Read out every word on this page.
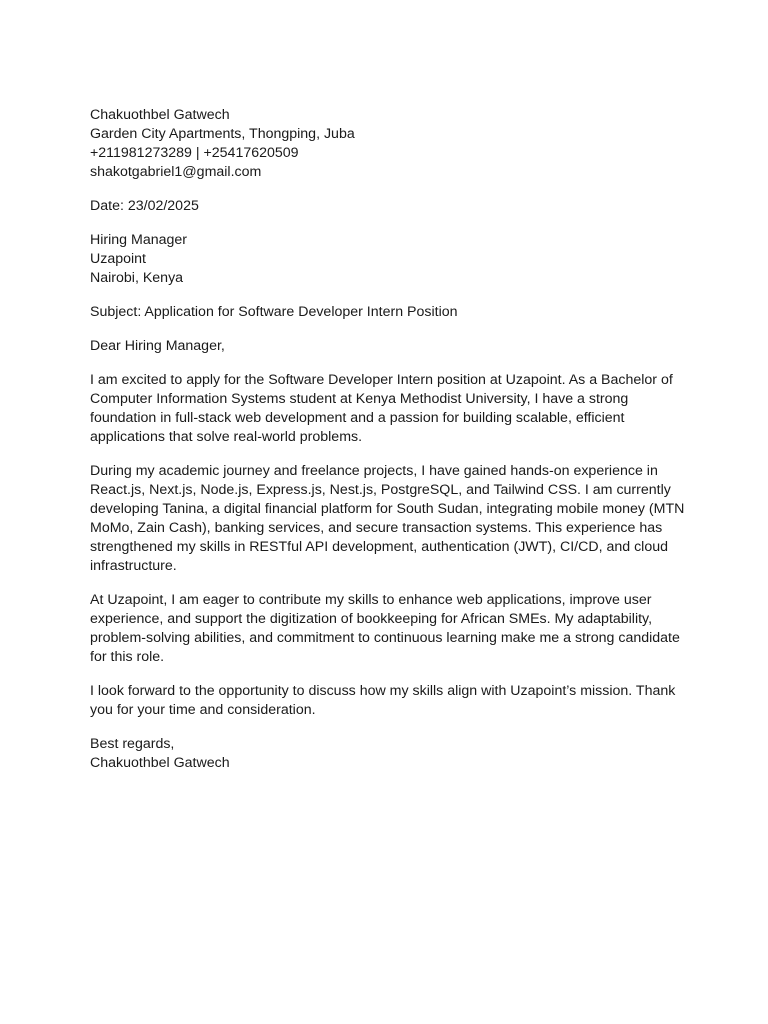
Chakuothbel Gatwech
Garden City Apartments, Thongping, Juba
+211981273289 | +25417620509
shakotgabriel1@gmail.com
Date: 23/02/2025
Hiring Manager
Uzapoint
Nairobi, Kenya
Subject: Application for Software Developer Intern Position
Dear Hiring Manager,
I am excited to apply for the Software Developer Intern position at Uzapoint. As a Bachelor of
Computer Information Systems student at Kenya Methodist University, I have a strong
foundation in full-stack web development and a passion for building scalable, efficient
applications that solve real-world problems.
During my academic journey and freelance projects, I have gained hands-on experience in
React.js, Next.js, Node.js, Express.js, Nest.js, PostgreSQL, and Tailwind CSS. I am currently
developing Tanina, a digital financial platform for South Sudan, integrating mobile money (MTN
MoMo, Zain Cash), banking services, and secure transaction systems. This experience has
strengthened my skills in RESTful API development, authentication (JWT), CI/CD, and cloud
infrastructure.
At Uzapoint, I am eager to contribute my skills to enhance web applications, improve user
experience, and support the digitization of bookkeeping for African SMEs. My adaptability,
problem-solving abilities, and commitment to continuous learning make me a strong candidate
for this role.
I look forward to the opportunity to discuss how my skills align with Uzapoint’s mission. Thank
you for your time and consideration.
Best regards,
Chakuothbel Gatwech
